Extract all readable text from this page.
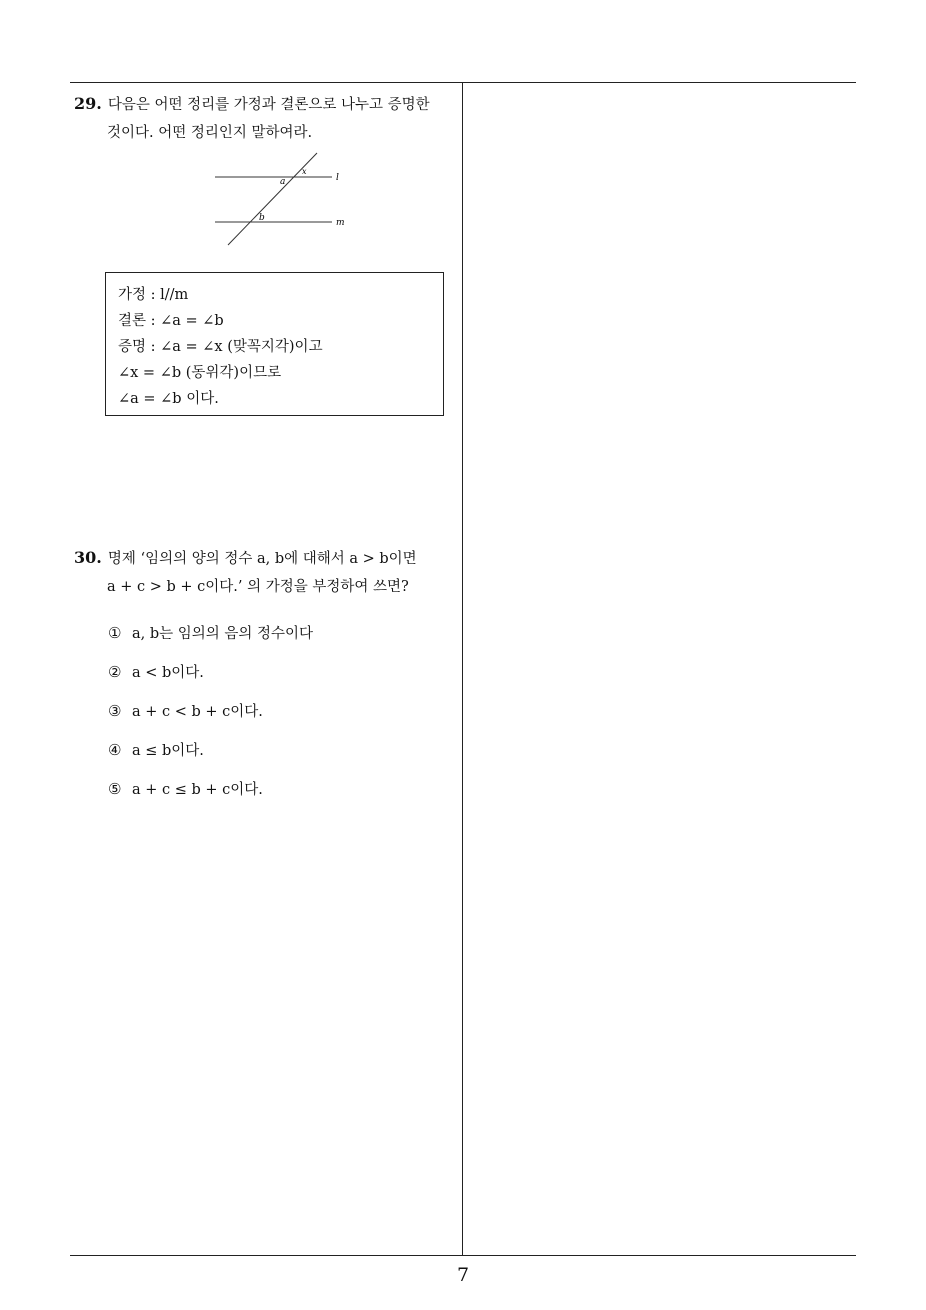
29. 다음은 어떤 정리를 가정과 결론으로 나누고 증명한
것이다. 어떤 정리인지 말하여라.
a
x
b
l
m
가정 : l//m
결론 : ∠a = ∠b
증명 : ∠a = ∠x (맞꼭지각)이고
∠x = ∠b (동위각)이므로
∠a = ∠b 이다.
30. 명제 ‘임의의 양의 정수 a, b에 대해서 a > b이면
a + c > b + c이다.’ 의 가정을 부정하여 쓰면?
① a, b는 임의의 음의 정수이다
② a < b이다.
③ a + c < b + c이다.
④ a ≤ b이다.
⑤ a + c ≤ b + c이다.
7
